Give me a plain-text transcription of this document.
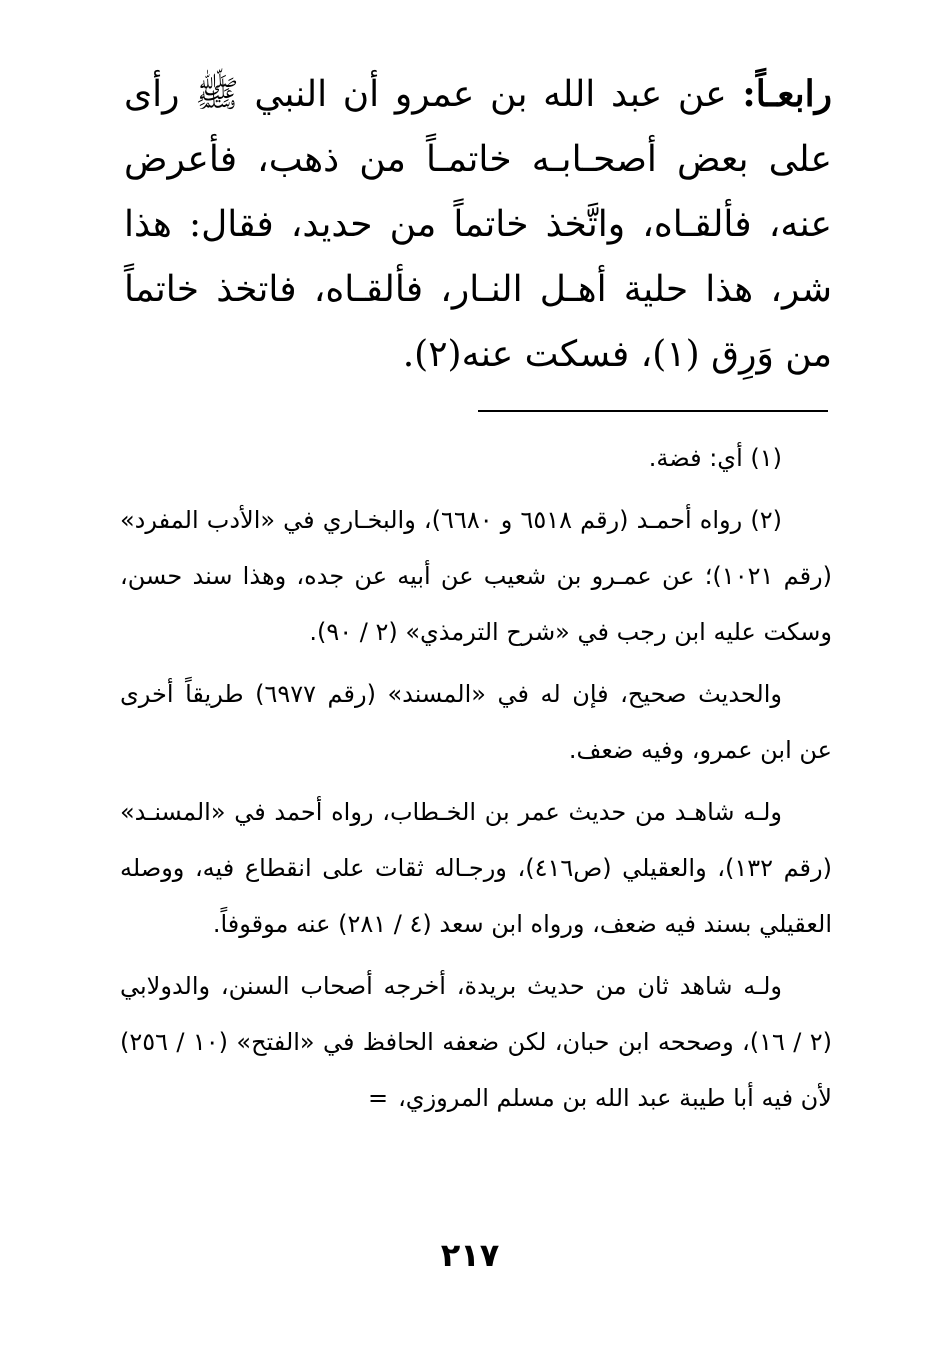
رابعـاً: عن عبد الله بن عمرو أن النبي ﷺ رأى على بعض أصحـابـه خاتمـاً من ذهب، فأعرض عنه، فألقـاه، واتَّخذ خاتماً من حديد، فقال: هذا شر، هذا حلية أهـل النـار، فألقـاه، فاتخذ خاتماً من وَرِق (١)، فسكت عنه(٢).

(١) أي: فضة.

(٢) رواه أحمـد (رقم ٦٥١٨ و ٦٦٨٠)، والبخـاري في «الأدب المفرد» (رقم ١٠٢١)؛ عن عمـرو بن شعيب عن أبيه عن جده، وهذا سند حسن، وسكت عليه ابن رجب في «شرح الترمذي» (٢ / ٩٠).

والحديث صحيح، فإن له في «المسند» (رقم ٦٩٧٧) طريقاً أخرى عن ابن عمرو، وفيه ضعف.

ولـه شاهـد من حديث عمر بن الخـطاب، رواه أحمد في «المسنـد» (رقم ١٣٢)، والعقيلي (ص٤١٦)، ورجـاله ثقات على انقطاع فيه، ووصله العقيلي بسند فيه ضعف، ورواه ابن سعد (٤ / ٢٨١) عنه موقوفاً.

ولـه شاهد ثان من حديث بريدة، أخرجه أصحاب السنن، والدولابي (٢ / ١٦)، وصححه ابن حبان، لكن ضعفه الحافظ في «الفتح» (١٠ / ٢٥٦) لأن فيه أبا طيبة عبد الله بن مسلم المروزي،=

٢١٧
